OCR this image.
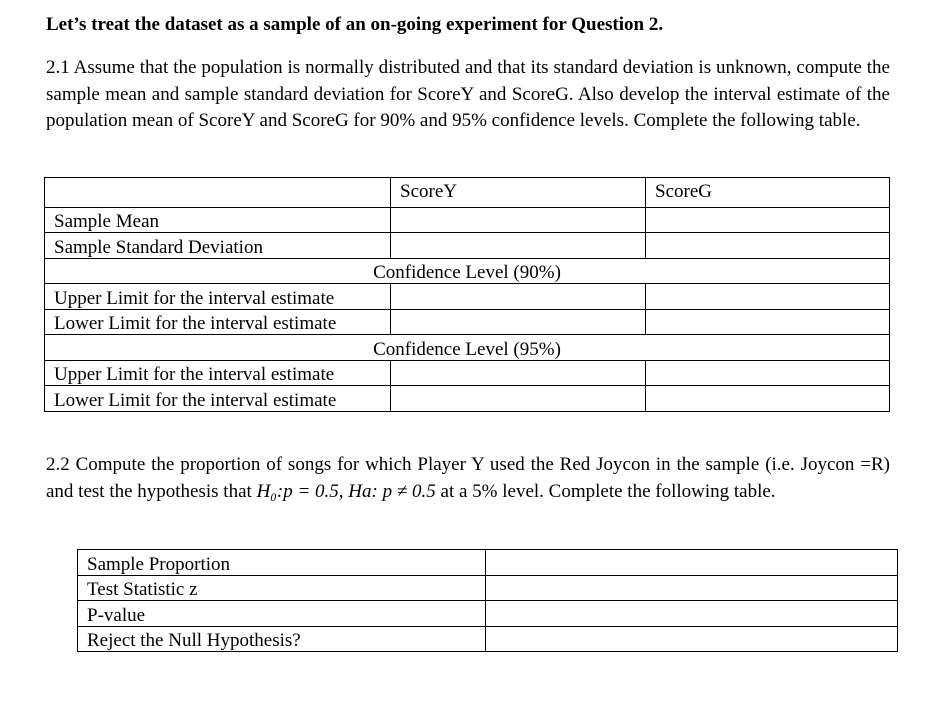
Let’s treat the dataset as a sample of an on-going experiment for Question 2.
2.1 Assume that the population is normally distributed and that its standard deviation is unknown, compute the sample mean and sample standard deviation for ScoreY and ScoreG. Also develop the interval estimate of the population mean of ScoreY and ScoreG for 90% and 95% confidence levels. Complete the following table.
	ScoreY	ScoreG
Sample Mean		
Sample Standard Deviation		
Confidence Level (90%)		
Upper Limit for the interval estimate		
Lower Limit for the interval estimate		
Confidence Level (95%)		
Upper Limit for the interval estimate		
Lower Limit for the interval estimate		
2.2 Compute the proportion of songs for which Player Y used the Red Joycon in the sample (i.e. Joycon =R) and test the hypothesis that H₀:p = 0.5, Ha: p ≠ 0.5 at a 5% level. Complete the following table.
Sample Proportion	
Test Statistic z	
P-value	
Reject the Null Hypothesis?	
